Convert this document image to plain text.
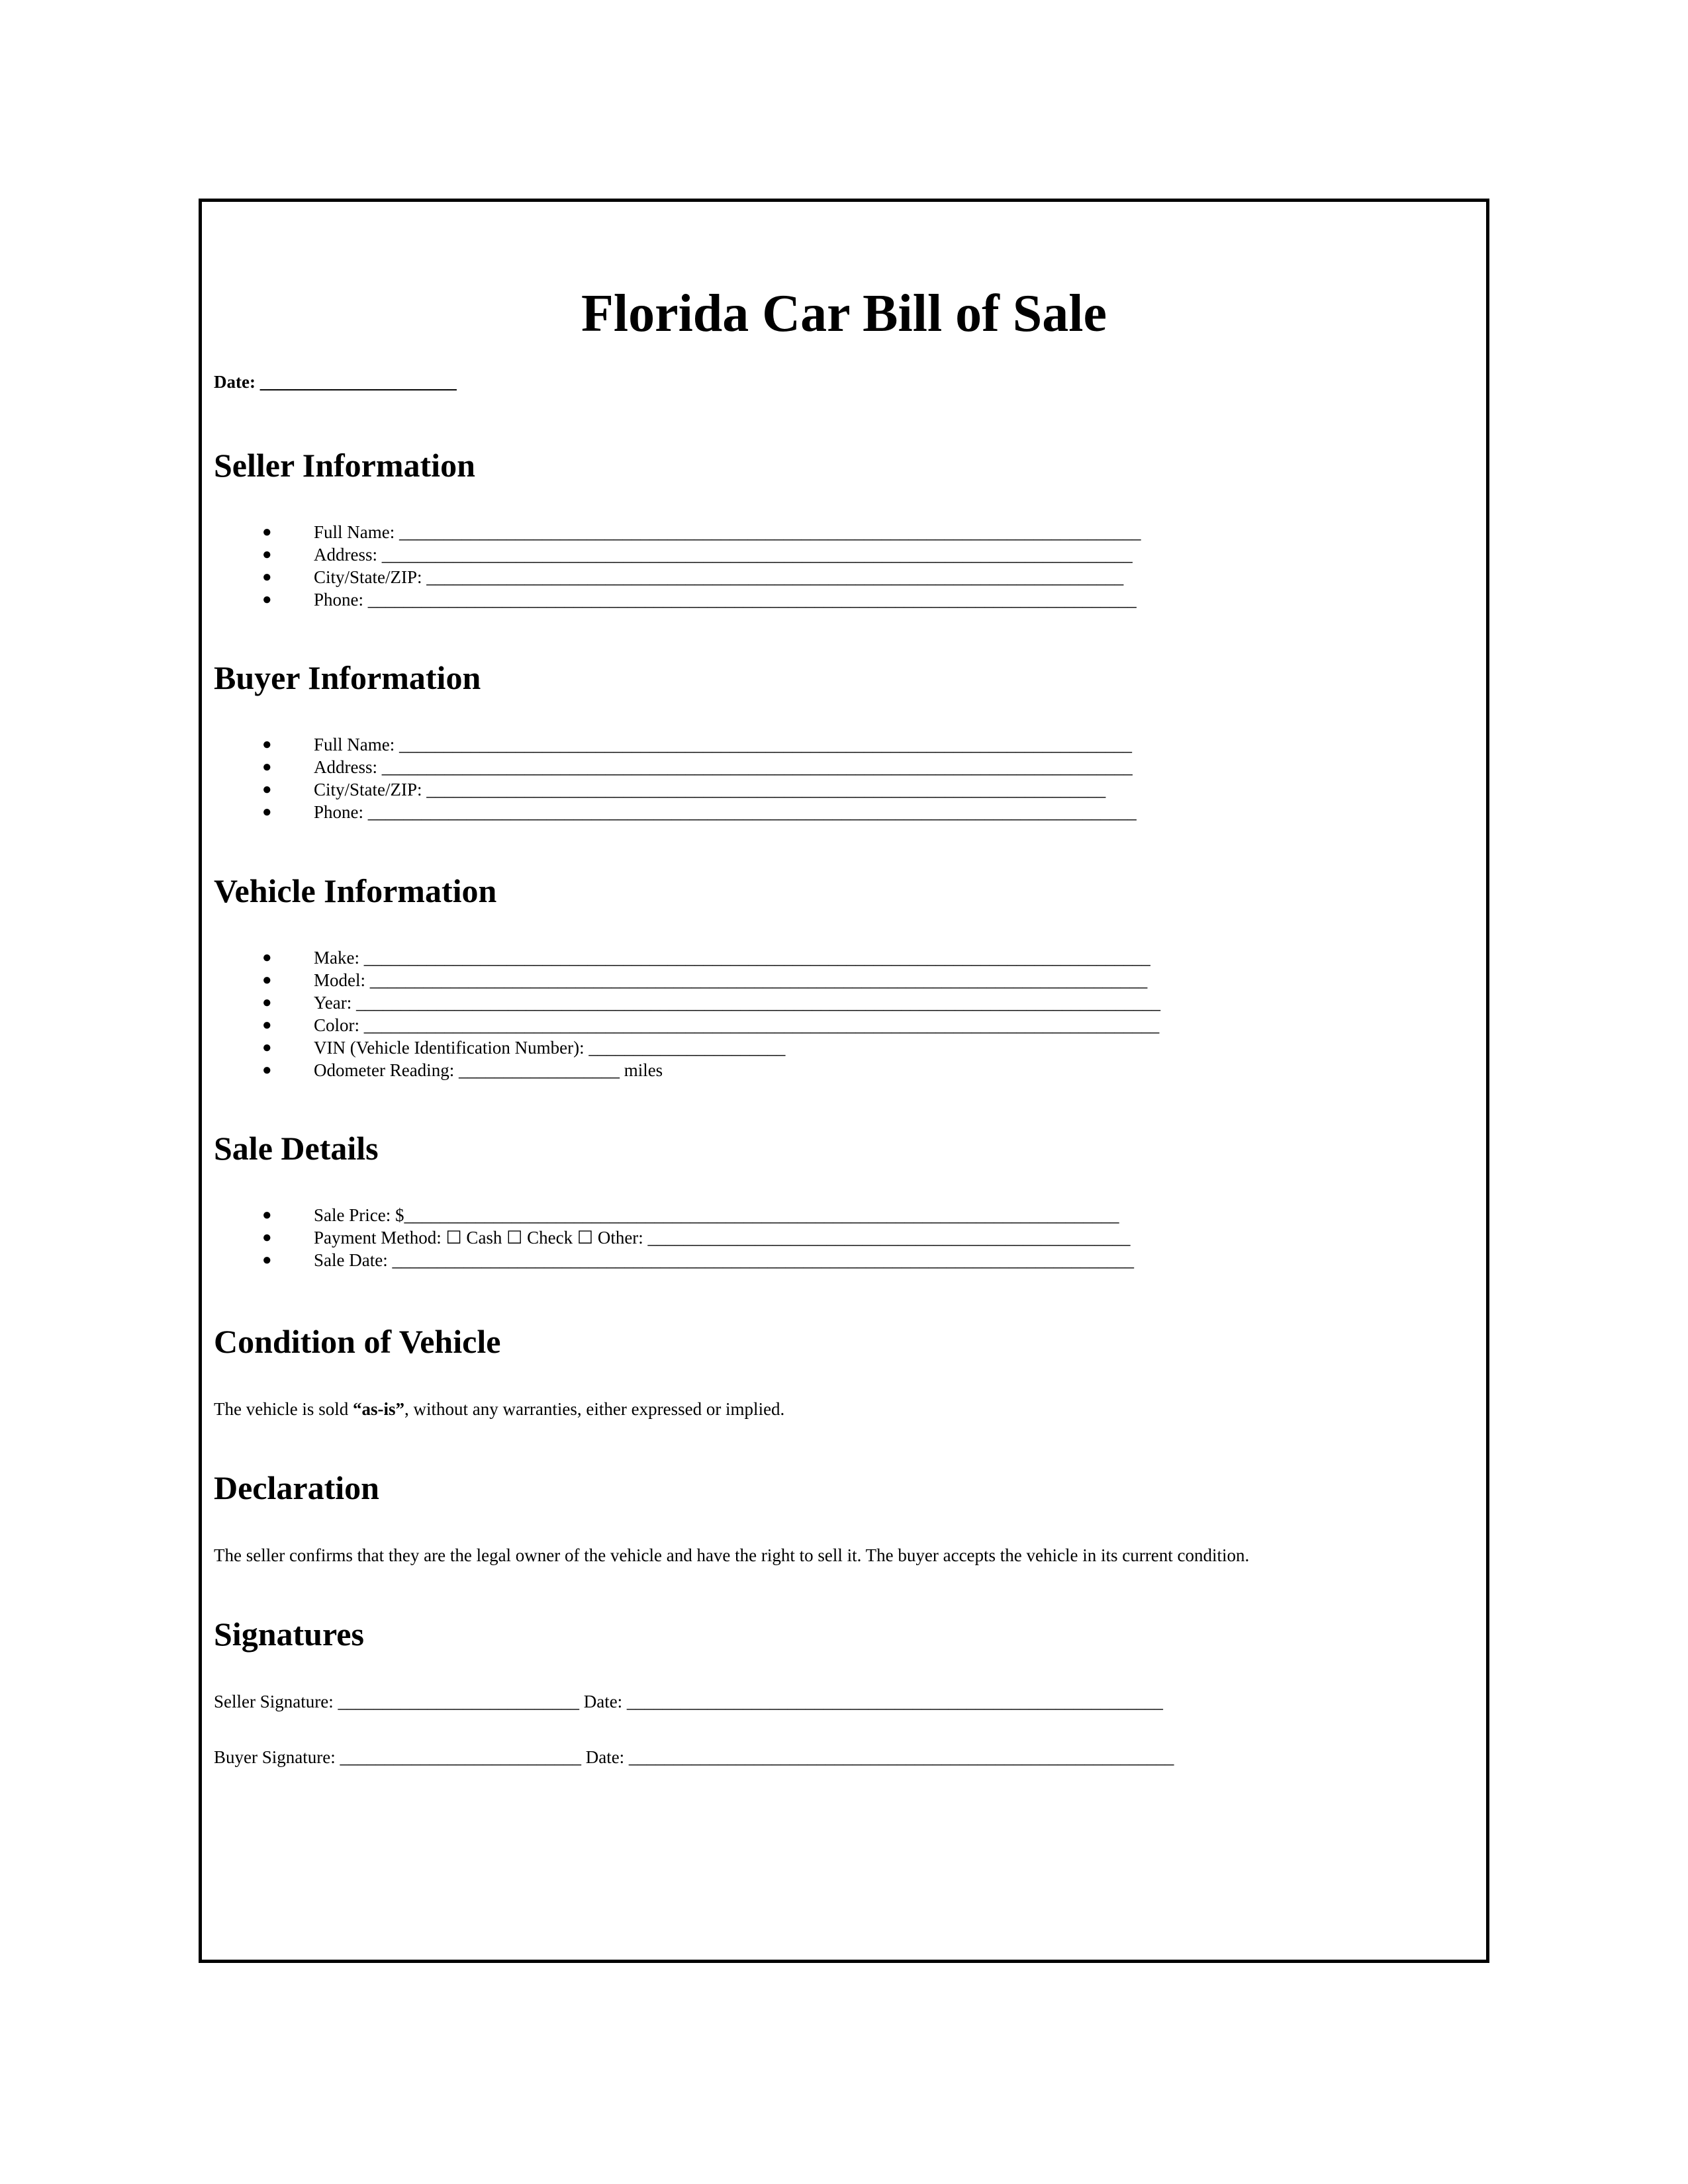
Florida Car Bill of Sale
Date: ______________________
Seller Information
● Full Name: ___________________________________________________________________________________
● Address: ____________________________________________________________________________________
● City/State/ZIP: ______________________________________________________________________________
● Phone: ______________________________________________________________________________________
Buyer Information
● Full Name: __________________________________________________________________________________
● Address: ____________________________________________________________________________________
● City/State/ZIP: ____________________________________________________________________________
● Phone: ______________________________________________________________________________________
Vehicle Information
● Make: ________________________________________________________________________________________
● Model: _______________________________________________________________________________________
● Year: __________________________________________________________________________________________
● Color: _________________________________________________________________________________________
● VIN (Vehicle Identification Number): ______________________
● Odometer Reading: __________________ miles
Sale Details
● Sale Price: $________________________________________________________________________________
● Payment Method: ☐ Cash ☐ Check ☐ Other: ______________________________________________________
● Sale Date: ___________________________________________________________________________________
Condition of Vehicle

The vehicle is sold “as-is”, without any warranties, either expressed or implied.

Declaration

The seller confirms that they are the legal owner of the vehicle and have the right to sell it. The buyer accepts the vehicle in its current condition.

Signatures
Seller Signature: ___________________________ Date: ____________________________________________________________
Buyer Signature: ___________________________ Date: _____________________________________________________________
